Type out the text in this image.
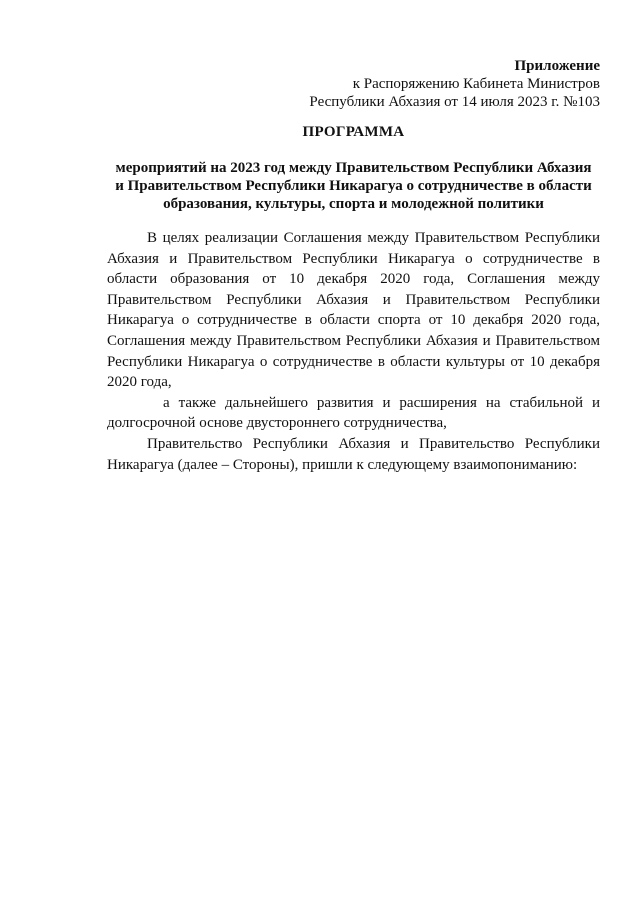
Приложение
к Распоряжению Кабинета Министров
Республики Абхазия от 14 июля 2023 г. №103
ПРОГРАММА
мероприятий на 2023 год между Правительством Республики Абхазия
и Правительством Республики Никарагуа о сотрудничестве в области
образования, культуры, спорта и молодежной политики

В целях реализации Соглашения между Правительством Республики Абхазия и Правительством Республики Никарагуа о сотрудничестве в области образования от 10 декабря 2020 года, Соглашения между Правительством Республики Абхазия и Правительством Республики Никарагуа о сотрудничестве в области спорта от 10 декабря 2020 года, Соглашения между Правительством Республики Абхазия и Правительством Республики Никарагуа о сотрудничестве в области культуры от 10 декабря 2020 года,

а также дальнейшего развития и расширения на стабильной и долгосрочной основе двустороннего сотрудничества,

Правительство Республики Абхазия и Правительство Республики Никарагуа (далее – Стороны), пришли к следующему взаимопониманию:
